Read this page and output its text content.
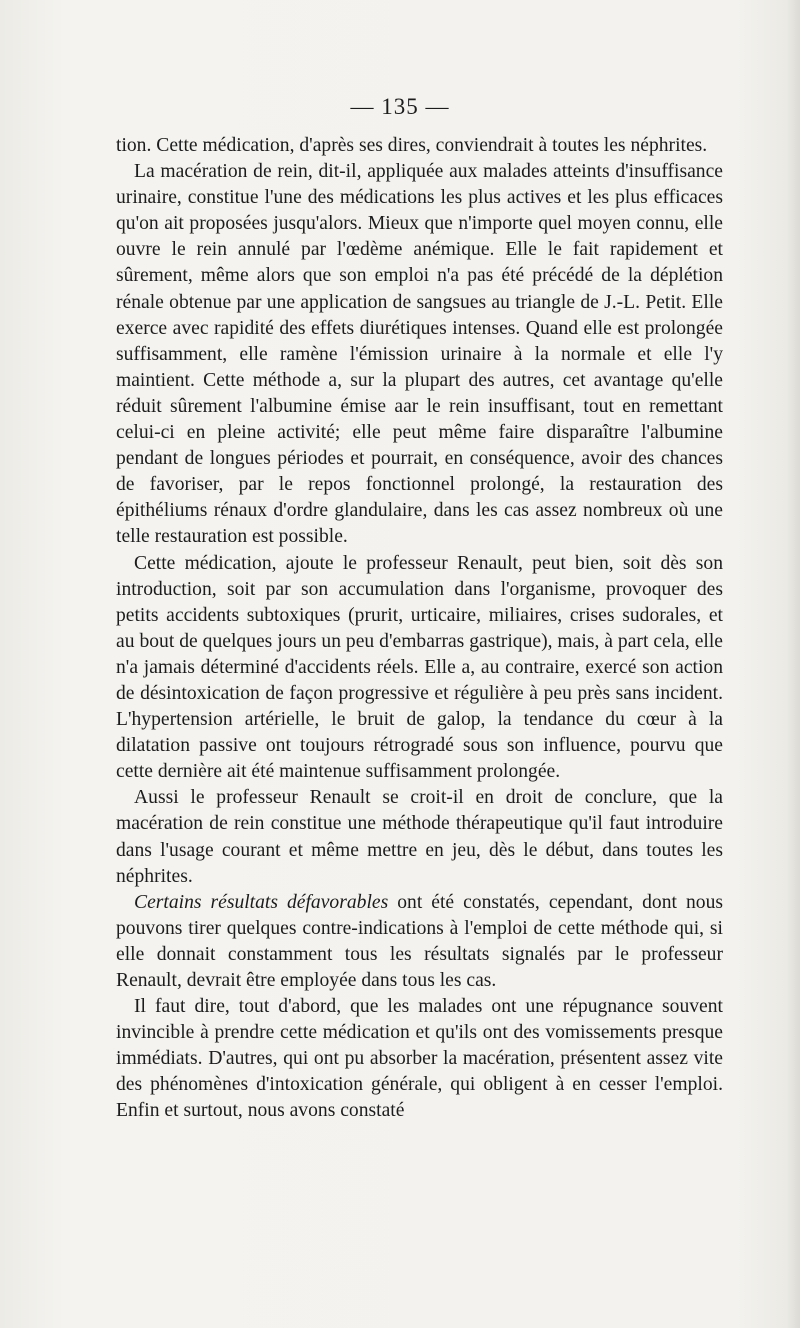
— 135 —

tion. Cette médication, d'après ses dires, conviendrait à toutes les néphrites.

La macération de rein, dit-il, appliquée aux malades atteints d'insuffisance urinaire, constitue l'une des médications les plus actives et les plus efficaces qu'on ait proposées jusqu'alors. Mieux que n'importe quel moyen connu, elle ouvre le rein annulé par l'œdème anémique. Elle le fait rapidement et sûrement, même alors que son emploi n'a pas été précédé de la déplétion rénale obtenue par une application de sangsues au triangle de J.-L. Petit. Elle exerce avec rapidité des effets diurétiques intenses. Quand elle est prolongée suffisamment, elle ramène l'émission urinaire à la normale et elle l'y maintient. Cette méthode a, sur la plupart des autres, cet avantage qu'elle réduit sûrement l'albumine émise aar le rein insuffisant, tout en remettant celui-ci en pleine activité; elle peut même faire disparaître l'albumine pendant de longues périodes et pourrait, en conséquence, avoir des chances de favoriser, par le repos fonctionnel prolongé, la restauration des épithéliums rénaux d'ordre glandulaire, dans les cas assez nombreux où une telle restauration est possible.

Cette médication, ajoute le professeur Renault, peut bien, soit dès son introduction, soit par son accumulation dans l'organisme, provoquer des petits accidents subtoxiques (prurit, urticaire, miliaires, crises sudorales, et au bout de quelques jours un peu d'embarras gastrique), mais, à part cela, elle n'a jamais déterminé d'accidents réels. Elle a, au contraire, exercé son action de désintoxication de façon progressive et régulière à peu près sans incident. L'hypertension artérielle, le bruit de galop, la tendance du cœur à la dilatation passive ont toujours rétrogradé sous son influence, pourvu que cette dernière ait été maintenue suffisamment prolongée.

Aussi le professeur Renault se croit-il en droit de conclure, que la macération de rein constitue une méthode thérapeutique qu'il faut introduire dans l'usage courant et même mettre en jeu, dès le début, dans toutes les néphrites.

Certains résultats défavorables ont été constatés, cependant, dont nous pouvons tirer quelques contre-indications à l'emploi de cette méthode qui, si elle donnait constamment tous les résultats signalés par le professeur Renault, devrait être employée dans tous les cas.

Il faut dire, tout d'abord, que les malades ont une répugnance souvent invincible à prendre cette médication et qu'ils ont des vomissements presque immédiats. D'autres, qui ont pu absorber la macération, présentent assez vite des phénomènes d'intoxication générale, qui obligent à en cesser l'emploi. Enfin et surtout, nous avons constaté
